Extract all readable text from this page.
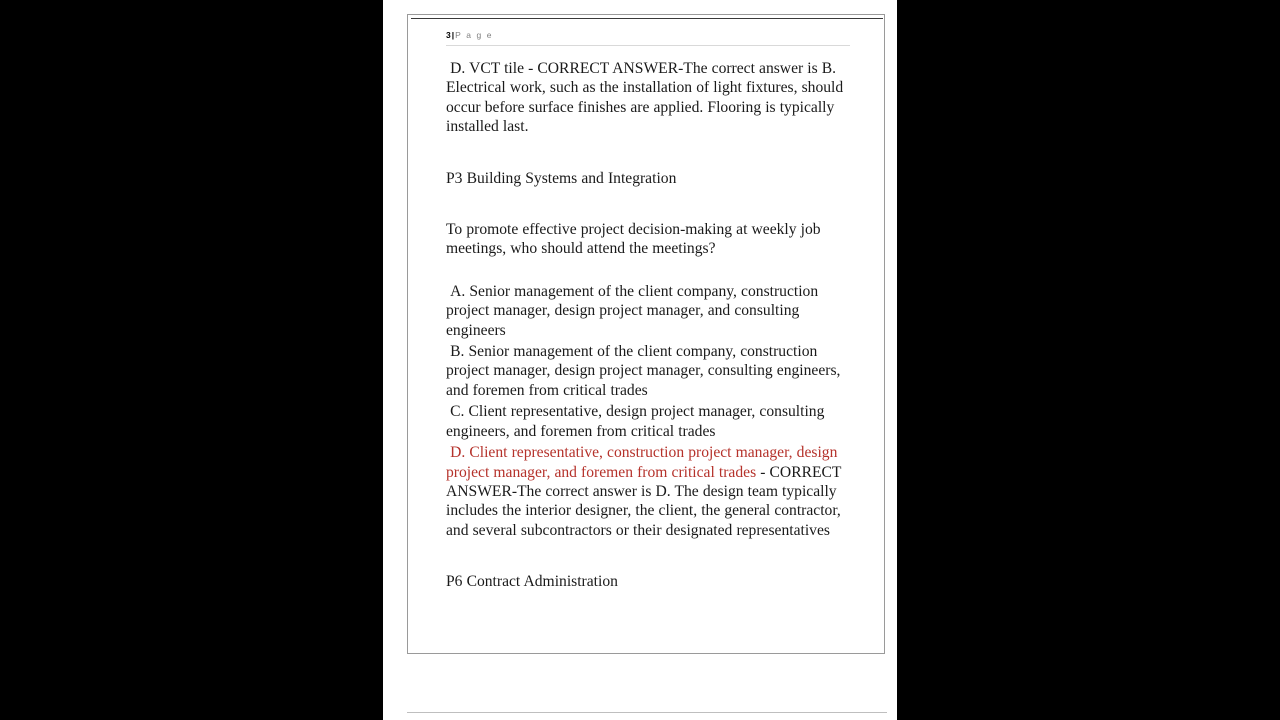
3|P a g e

D. VCT tile - CORRECT ANSWER-The correct answer is B. Electrical work, such as the installation of light fixtures, should occur before surface finishes are applied. Flooring is typically installed last.

P3 Building Systems and Integration

To promote effective project decision-making at weekly job meetings, who should attend the meetings?

A. Senior management of the client company, construction project manager, design project manager, and consulting engineers

B. Senior management of the client company, construction project manager, design project manager, consulting engineers, and foremen from critical trades

C. Client representative, design project manager, consulting engineers, and foremen from critical trades

D. Client representative, construction project manager, design project manager, and foremen from critical trades - CORRECT ANSWER-The correct answer is D. The design team typically includes the interior designer, the client, the general contractor, and several subcontractors or their designated representatives

P6 Contract Administration
